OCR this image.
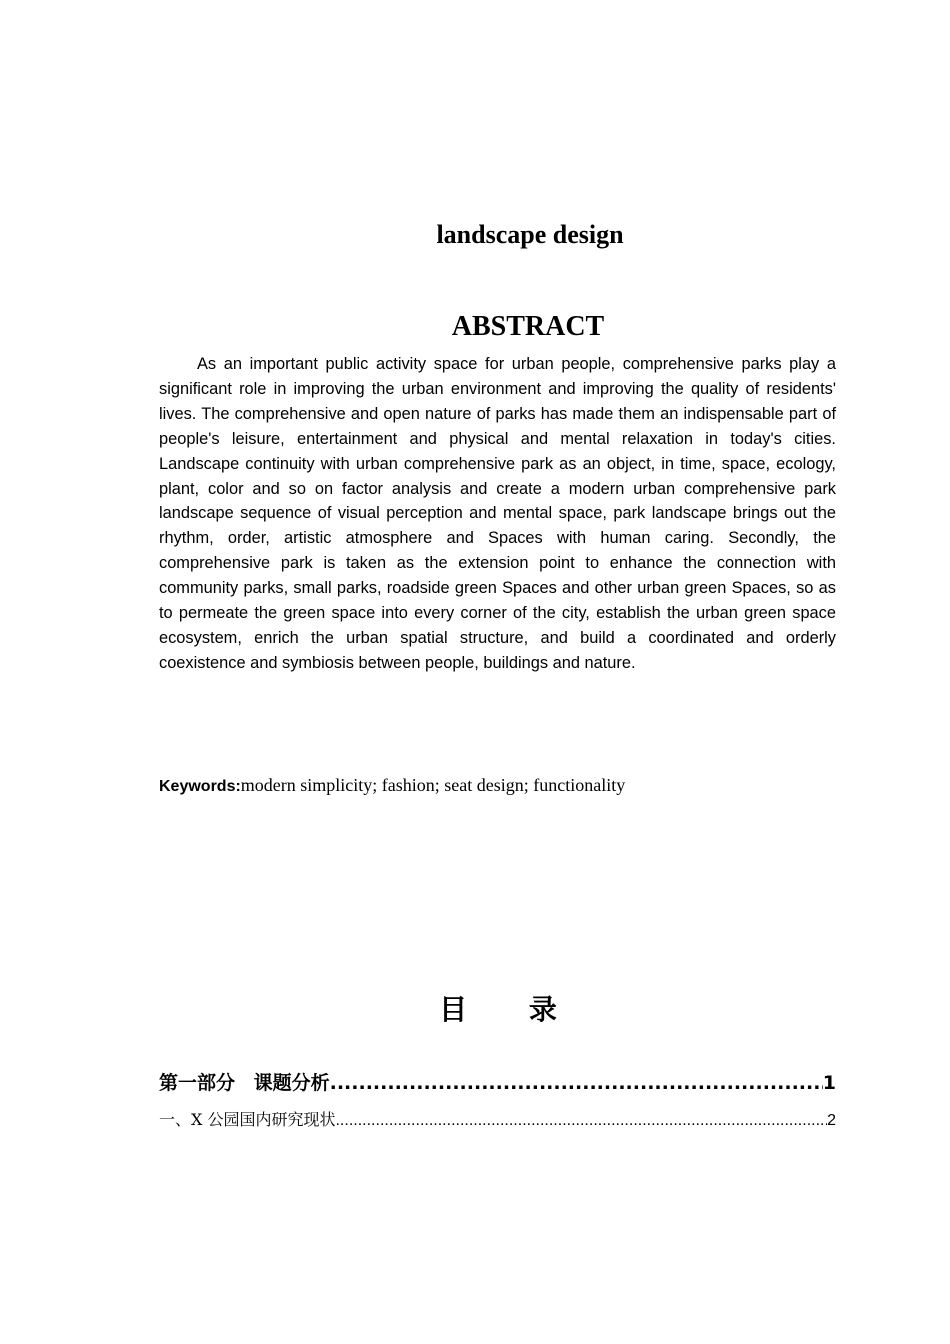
landscape design
ABSTRACT

As an important public activity space for urban people, comprehensive parks play a significant role in improving the urban environment and improving the quality of residents' lives. The comprehensive and open nature of parks has made them an indispensable part of people's leisure, entertainment and physical and mental relaxation in today's cities. Landscape continuity with urban comprehensive park as an object, in time, space, ecology, plant, color and so on factor analysis and create a modern urban comprehensive park landscape sequence of visual perception and mental space, park landscape brings out the rhythm, order, artistic atmosphere and Spaces with human caring. Secondly, the comprehensive park is taken as the extension point to enhance the connection with community parks, small parks, roadside green Spaces and other urban green Spaces, so as to permeate the green space into every corner of the city, establish the urban green space ecosystem, enrich the urban spatial structure, and build a coordinated and orderly coexistence and symbiosis between people, buildings and nature.

Keywords:modern simplicity; fashion; seat design; functionality

目 录
第一部分 课题分析 .....	1
一、X 公园国内研究现状 .....	2
